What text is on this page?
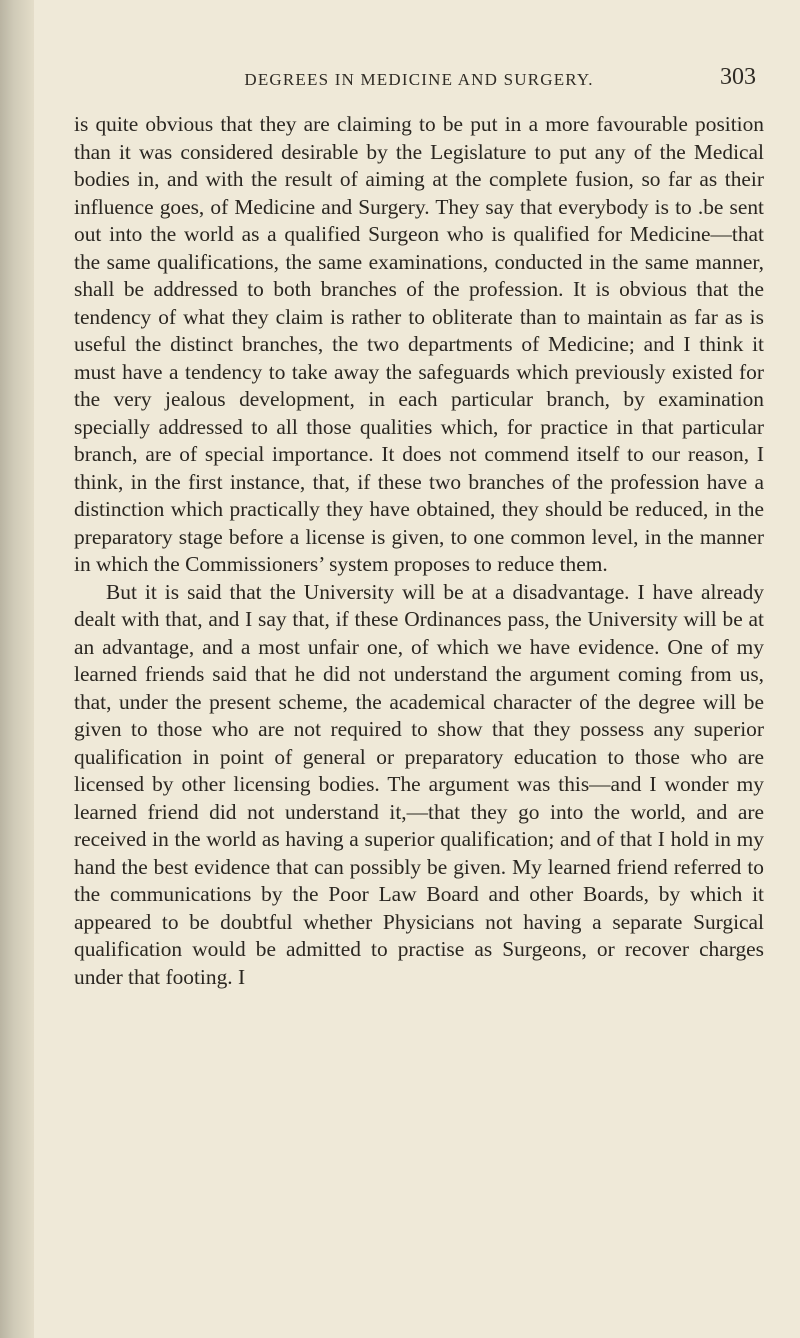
DEGREES IN MEDICINE AND SURGERY.	303

is quite obvious that they are claiming to be put in a more favourable position than it was considered desirable by the Legislature to put any of the Medical bodies in, and with the result of aiming at the complete fusion, so far as their influence goes, of Medicine and Surgery. They say that everybody is to .be sent out into the world as a qualified Surgeon who is qualified for Medicine—that the same qualifications, the same examinations, conducted in the same manner, shall be addressed to both branches of the profession. It is obvious that the tendency of what they claim is rather to obliterate than to maintain as far as is useful the distinct branches, the two departments of Medicine; and I think it must have a tendency to take away the safeguards which previously existed for the very jealous development, in each particular branch, by examination specially addressed to all those qualities which, for practice in that particular branch, are of special importance. It does not commend itself to our reason, I think, in the first instance, that, if these two branches of the profession have a distinction which practically they have obtained, they should be reduced, in the preparatory stage before a license is given, to one common level, in the manner in which the Commissioners’ system proposes to reduce them.

But it is said that the University will be at a disadvantage. I have already dealt with that, and I say that, if these Ordinances pass, the University will be at an advantage, and a most unfair one, of which we have evidence. One of my learned friends said that he did not understand the argument coming from us, that, under the present scheme, the academical character of the degree will be given to those who are not required to show that they possess any superior qualification in point of general or preparatory education to those who are licensed by other licensing bodies. The argument was this—and I wonder my learned friend did not understand it,—that they go into the world, and are received in the world as having a superior qualification; and of that I hold in my hand the best evidence that can possibly be given. My learned friend referred to the communications by the Poor Law Board and other Boards, by which it appeared to be doubtful whether Physicians not having a separate Surgical qualification would be admitted to practise as Surgeons, or recover charges under that footing. I
